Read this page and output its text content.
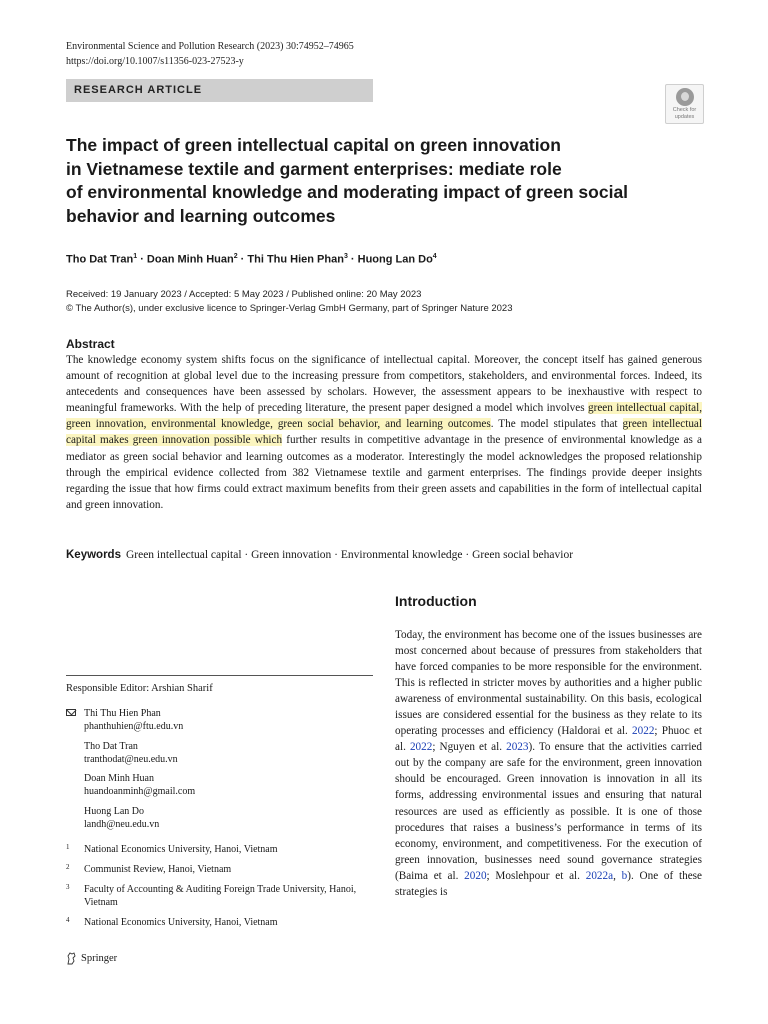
Environmental Science and Pollution Research (2023) 30:74952–74965
https://doi.org/10.1007/s11356-023-27523-y
RESEARCH ARTICLE
Check for
updates
The impact of green intellectual capital on green innovation
in Vietnamese textile and garment enterprises: mediate role
of environmental knowledge and moderating impact of green social
behavior and learning outcomes
Tho Dat Tran$^1$ · Doan Minh Huan$^2$ · Thi Thu Hien Phan$^3$ · Huong Lan Do$^4$
Received: 19 January 2023 / Accepted: 5 May 2023 / Published online: 20 May 2023
© The Author(s), under exclusive licence to Springer-Verlag GmbH Germany, part of Springer Nature 2023
Abstract
The knowledge economy system shifts focus on the significance of intellectual capital. Moreover, the concept itself has gained generous amount of recognition at global level due to the increasing pressure from competitors, stakeholders, and environmental forces. Indeed, its antecedents and consequences have been assessed by scholars. However, the assessment appears to be inexhaustive with respect to meaningful frameworks. With the help of preceding literature, the present paper designed a model which involves green intellectual capital, green innovation, environmental knowledge, green social behavior, and learning outcomes. The model stipulates that green intellectual capital makes green innovation possible which further results in competitive advantage in the presence of environmental knowledge as a mediator as green social behavior and learning outcomes as a moderator. Interestingly the model acknowledges the proposed relationship through the empirical evidence collected from 382 Vietnamese textile and garment enterprises. The findings provide deeper insights regarding the issue that how firms could extract maximum benefits from their green assets and capabilities in the form of intellectual capital and green innovation.
Keywords Green intellectual capital · Green innovation · Environmental knowledge · Green social behavior
Introduction
Today, the environment has become one of the issues businesses are most concerned about because of pressures from stakeholders that have forced companies to be more responsible for the environment. This is reflected in stricter moves by authorities and a higher public awareness of environmental sustainability. On this basis, ecological issues are considered essential for the business as they relate to its operating processes and efficiency (Haldorai et al. 2022; Phuoc et al. 2022; Nguyen et al. 2023). To ensure that the activities carried out by the company are safe for the environment, green innovation should be encouraged. Green innovation is innovation in all its forms, addressing environmental issues and ensuring that natural resources are used as efficiently as possible. It is one of those procedures that raises a business’s performance in terms of its economy, environment, and competitiveness. For the execution of green innovation, businesses need sound governance strategies (Baima et al. 2020; Moslehpour et al. 2022a, b). One of these strategies is
Responsible Editor: Arshian Sharif
Thi Thu Hien Phan
phanthuhien@ftu.edu.vn
Tho Dat Tran
tranthodat@neu.edu.vn
Doan Minh Huan
huandoanminh@gmail.com
Huong Lan Do
landh@neu.edu.vn
1 National Economics University, Hanoi, Vietnam
2 Communist Review, Hanoi, Vietnam
3 Faculty of Accounting & Auditing Foreign Trade University, Hanoi, Vietnam
4 National Economics University, Hanoi, Vietnam
Springer
